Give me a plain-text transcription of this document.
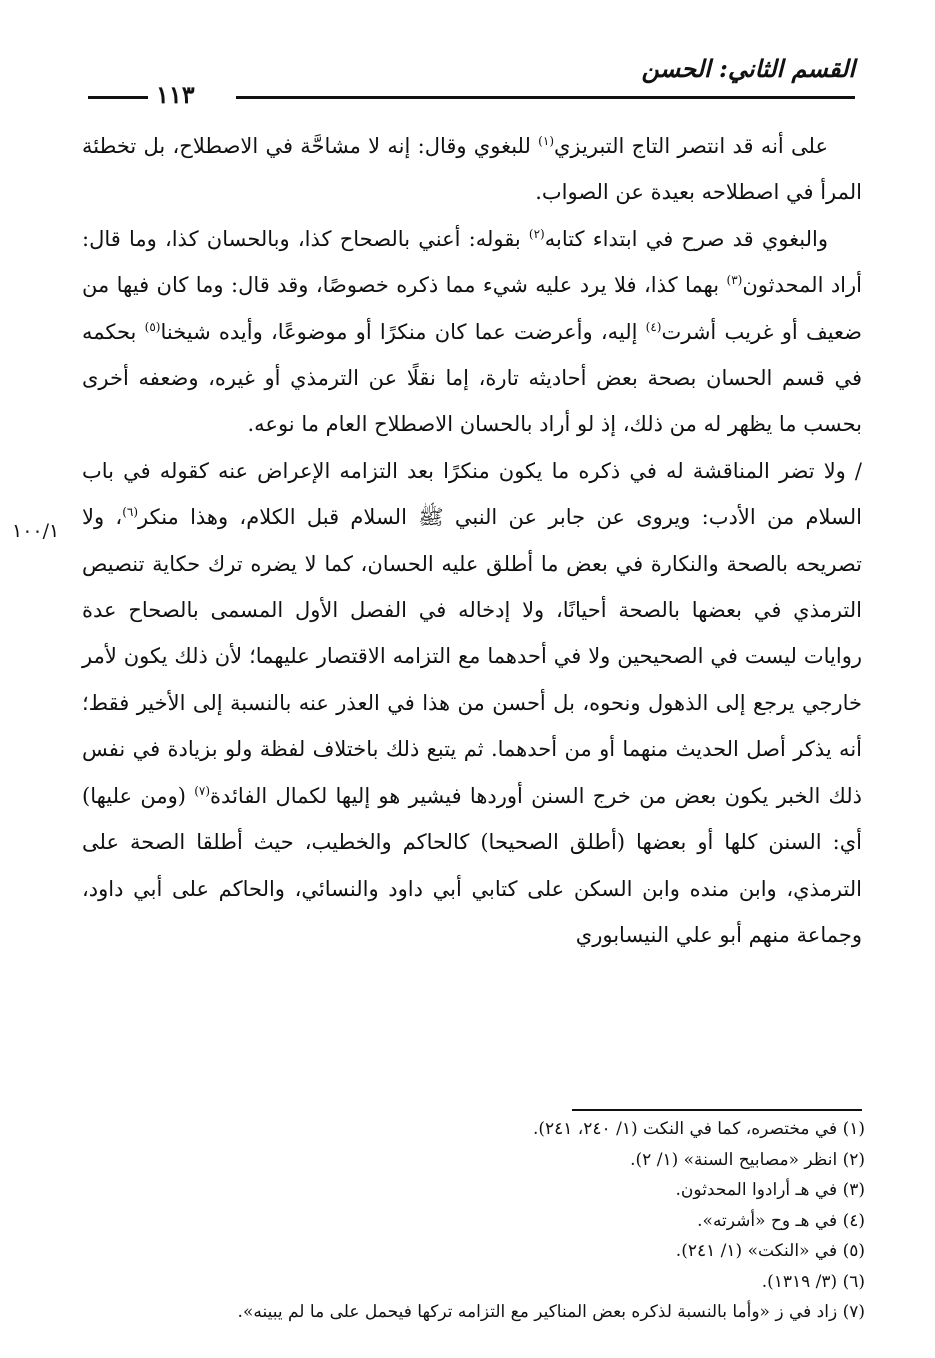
القسم الثاني: الحسن
١١٣
١٠٠/١

على أنه قد انتصر التاج التبريزي$^{(١)}$ للبغوي وقال: إنه لا مشاحَّة في الاصطلاح، بل تخطئة المرأ في اصطلاحه بعيدة عن الصواب.

والبغوي قد صرح في ابتداء كتابه$^{(٢)}$ بقوله: أعني بالصحاح كذا، وبالحسان كذا، وما قال: أراد المحدثون$^{(٣)}$ بهما كذا، فلا يرد عليه شيء مما ذكره خصوصًا، وقد قال: وما كان فيها من ضعيف أو غريب أشرت$^{(٤)}$ إليه، وأعرضت عما كان منكرًا أو موضوعًا، وأيده شيخنا$^{(٥)}$ بحكمه في قسم الحسان بصحة بعض أحاديثه تارة، إما نقلًا عن الترمذي أو غيره، وضعفه أخرى بحسب ما يظهر له من ذلك، إذ لو أراد بالحسان الاصطلاح العام ما نوعه.

/ ولا تضر المناقشة له في ذكره ما يكون منكرًا بعد التزامه الإعراض عنه كقوله في باب السلام من الأدب: ويروى عن جابر عن النبي ﷺ السلام قبل الكلام، وهذا منكر$^{(٦)}$، ولا تصريحه بالصحة والنكارة في بعض ما أطلق عليه الحسان، كما لا يضره ترك حكاية تنصيص الترمذي في بعضها بالصحة أحيانًا، ولا إدخاله في الفصل الأول المسمى بالصحاح عدة روايات ليست في الصحيحين ولا في أحدهما مع التزامه الاقتصار عليهما؛ لأن ذلك يكون لأمر خارجي يرجع إلى الذهول ونحوه، بل أحسن من هذا في العذر عنه بالنسبة إلى الأخير فقط؛ أنه يذكر أصل الحديث منهما أو من أحدهما. ثم يتبع ذلك باختلاف لفظة ولو بزيادة في نفس ذلك الخبر يكون بعض من خرج السنن أوردها فيشير هو إليها لكمال الفائدة$^{(٧)}$ (ومن عليها) أي: السنن كلها أو بعضها (أطلق الصحيحا) كالحاكم والخطيب، حيث أطلقا الصحة على الترمذي، وابن منده وابن السكن على كتابي أبي داود والنسائي، والحاكم على أبي داود، وجماعة منهم أبو علي النيسابوري

(١) في مختصره، كما في النكت (١/ ٢٤٠، ٢٤١).
(٢) انظر «مصابيح السنة» (١/ ٢).
(٣) في هـ أرادوا المحدثون.
(٤) في هـ وح «أشرته».
(٥) في «النكت» (١/ ٢٤١).
(٦) (٣/ ١٣١٩).
(٧) زاد في ز «وأما بالنسبة لذكره بعض المناكير مع التزامه تركها فيحمل على ما لم يبينه».
